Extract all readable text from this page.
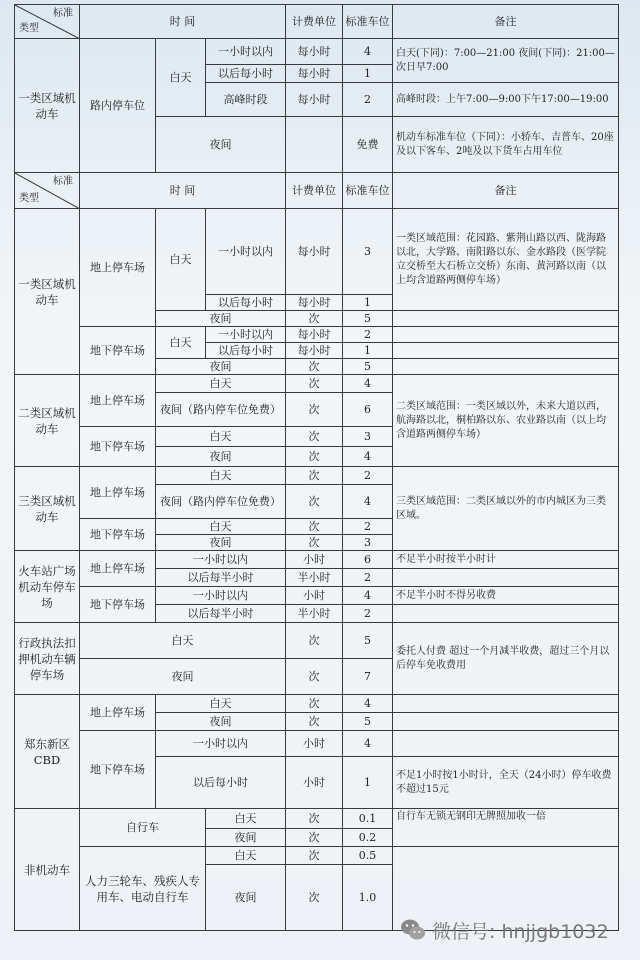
标准
类型	时 间			计费单位	标准车位	备注
一类区域机动车	路内停车位	白天	一小时以内	每小时	4	白天(下同)：7:00—21:00 夜间(下同)：21:00—次日早7:00
			以后每小时	每小时	1	
			高峰时段	每小时	2	高峰时段：上午7:00—9:00下午17:00—19:00
		夜间			免费	机动车标准车位（下同）：小轿车、吉普车、20座及以下客车、2吨及以下货车占用车位

标准
类型	时 间			计费单位	标准车位	备注
一类区域机动车	地上停车场	白天	一小时以内	每小时	3	一类区域范围：花园路、紫荆山路以西、陇海路以北，大学路、南阳路以东、金水路段（医学院立交桥至大石桥立交桥）东南、黄河路以南（以上均含道路两侧停车场）
			以后每小时	每小时	1	
		夜间		次	5	
	地下停车场	白天	一小时以内	每小时	2	
			以后每小时	每小时	1	
		夜间		次	5	
二类区域机动车	地上停车场	白天		次	4	二类区域范围：一类区域以外，未来大道以西，航海路以北，桐柏路以东、农业路以南（以上均含道路两侧停车场）
		夜间（路内停车位免费）		次	6	
	地下停车场	白天		次	3	
		夜间		次	4	
三类区域机动车	地上停车场	白天		次	2	三类区域范围：二类区域以外的市内城区为三类区域。
		夜间（路内停车位免费）		次	4	
	地下停车场	白天		次	2	
		夜间		次	3	
火车站广场机动车停车场	地上停车场	一小时以内		小时	6	不足半小时按半小时计
		以后每半小时		半小时	2	
	地下停车场	一小时以内		小时	4	不足半小时不得另收费
		以后每半小时		半小时	2	
行政执法扣押机动车辆停车场	白天			次	5	委托人付费 超过一个月减半收费，超过三个月以后停车免收费用
	夜间			次	7	
郑东新区CBD	地上停车场	白天		次	4	
		夜间		次	5	
	地下停车场	一小时以内		小时	4	
		以后每小时		小时	1	不足1小时按1小时计，全天（24小时）停车收费不超过15元
非机动车	自行车		白天	次	0.1	自行车无锁无钢印无牌照加收一倍
			夜间	次	0.2	
	人力三轮车、残疾人专用车、电动自行车		白天	次	0.5	
			夜间	次	1.0	
微信号: hnjjgb1032
